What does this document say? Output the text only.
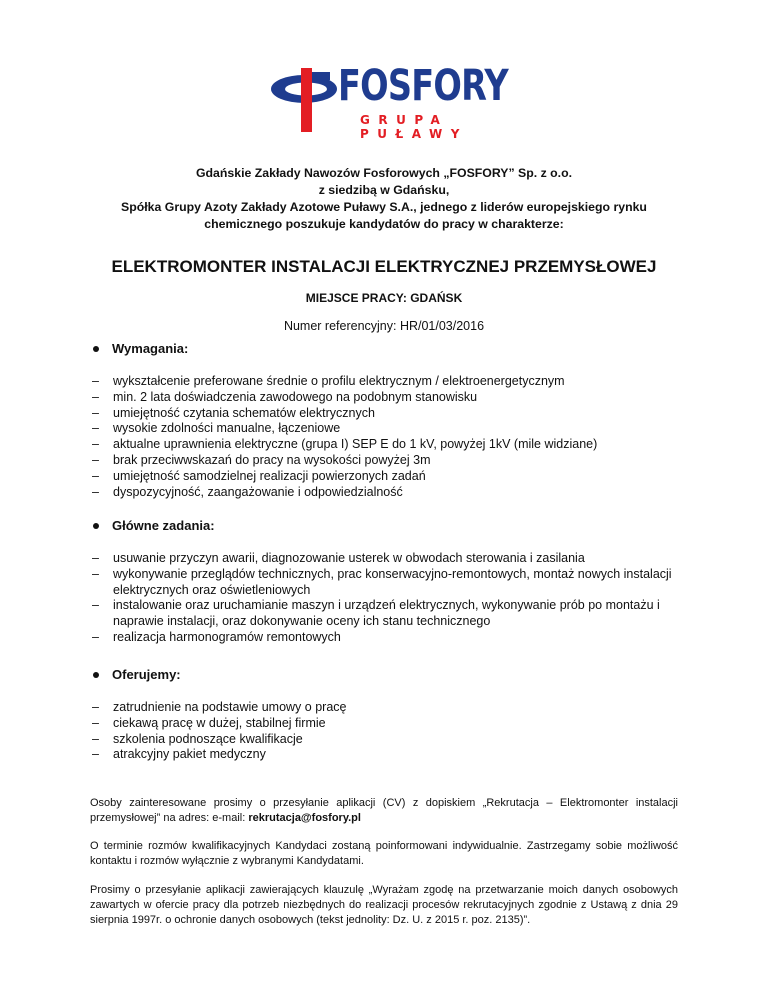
FOSFORY
GRUPA PUŁAWY
Gdańskie Zakłady Nawozów Fosforowych „FOSFORY” Sp. z o.o.
z siedzibą w Gdańsku,
Spółka Grupy Azoty Zakłady Azotowe Puławy S.A., jednego z liderów europejskiego rynku
chemicznego poszukuje kandydatów do pracy w charakterze:
ELEKTROMONTER INSTALACJI ELEKTRYCZNEJ PRZEMYSŁOWEJ
MIEJSCE PRACY: GDAŃSK
Numer referencyjny: HR/01/03/2016
Wymagania:
– wykształcenie preferowane średnie o profilu elektrycznym / elektroenergetycznym
– min. 2 lata doświadczenia zawodowego na podobnym stanowisku
– umiejętność czytania schematów elektrycznych
– wysokie zdolności manualne, łączeniowe
– aktualne uprawnienia elektryczne (grupa I) SEP E do 1 kV, powyżej 1kV (mile widziane)
– brak przeciwwskazań do pracy na wysokości powyżej 3m
– umiejętność samodzielnej realizacji powierzonych zadań
– dyspozycyjność, zaangażowanie i odpowiedzialność
Główne zadania:
– usuwanie przyczyn awarii, diagnozowanie usterek w obwodach sterowania i zasilania
– wykonywanie przeglądów technicznych, prac konserwacyjno-remontowych, montaż nowych instalacji elektrycznych oraz oświetleniowych
– instalowanie oraz uruchamianie maszyn i urządzeń elektrycznych, wykonywanie prób po montażu i naprawie instalacji, oraz dokonywanie oceny ich stanu technicznego
– realizacja harmonogramów remontowych
Oferujemy:
– zatrudnienie na podstawie umowy o pracę
– ciekawą pracę w dużej, stabilnej firmie
– szkolenia podnoszące kwalifikacje
– atrakcyjny pakiet medyczny
Osoby zainteresowane prosimy o przesyłanie aplikacji (CV) z dopiskiem „Rekrutacja – Elektromonter instalacji przemysłowej” na adres: e-mail: rekrutacja@fosfory.pl
O terminie rozmów kwalifikacyjnych Kandydaci zostaną poinformowani indywidualnie. Zastrzegamy sobie możliwość kontaktu i rozmów wyłącznie z wybranymi Kandydatami.
Prosimy o przesyłanie aplikacji zawierających klauzulę „Wyrażam zgodę na przetwarzanie moich danych osobowych zawartych w ofercie pracy dla potrzeb niezbędnych do realizacji procesów rekrutacyjnych zgodnie z Ustawą z dnia 29 sierpnia 1997r. o ochronie danych osobowych (tekst jednolity: Dz. U. z 2015 r. poz. 2135)”.
